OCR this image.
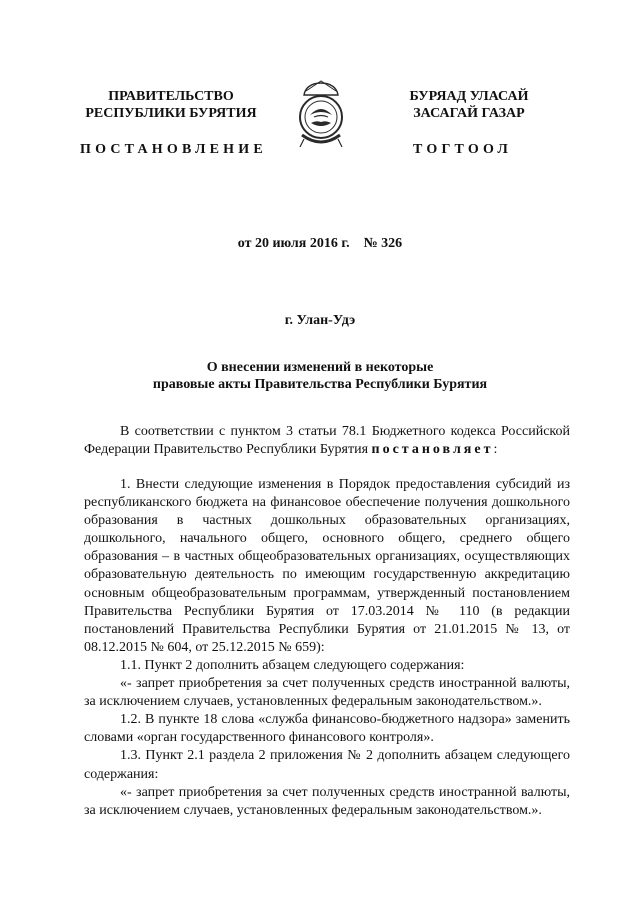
ПРАВИТЕЛЬСТВО
РЕСПУБЛИКИ БУРЯТИЯ
ПОСТАНОВЛЕНИЕ
БУРЯАД УЛАСАЙ
ЗАСАГАЙ ГАЗАР
ТОГТООЛ
от 20 июля 2016 г.    № 326
г. Улан-Удэ
О внесении изменений в некоторые
правовые акты Правительства Республики Бурятия

В соответствии с пунктом 3 статьи 78.1 Бюджетного кодекса Российской Федерации Правительство Республики Бурятия постановляет:

1. Внести следующие изменения в Порядок предоставления субсидий из республиканского бюджета на финансовое обеспечение получения дошкольного образования в частных дошкольных образовательных организациях, дошкольного, начального общего, основного общего, среднего общего образования – в частных общеобразовательных организациях, осуществляющих образовательную деятельность по имеющим государственную аккредитацию основным общеобразовательным программам, утвержденный постановлением Правительства Республики Бурятия от 17.03.2014 № 110 (в редакции постановлений Правительства Республики Бурятия от 21.01.2015 № 13, от 08.12.2015 № 604, от 25.12.2015 № 659):

1.1. Пункт 2 дополнить абзацем следующего содержания:

«- запрет приобретения за счет полученных средств иностранной валюты, за исключением случаев, установленных федеральным законодательством.».

1.2. В пункте 18 слова «служба финансово-бюджетного надзора» заменить словами «орган государственного финансового контроля».

1.3. Пункт 2.1 раздела 2 приложения № 2 дополнить абзацем следующего содержания:

«- запрет приобретения за счет полученных средств иностранной валюты, за исключением случаев, установленных федеральным законодательством.».
